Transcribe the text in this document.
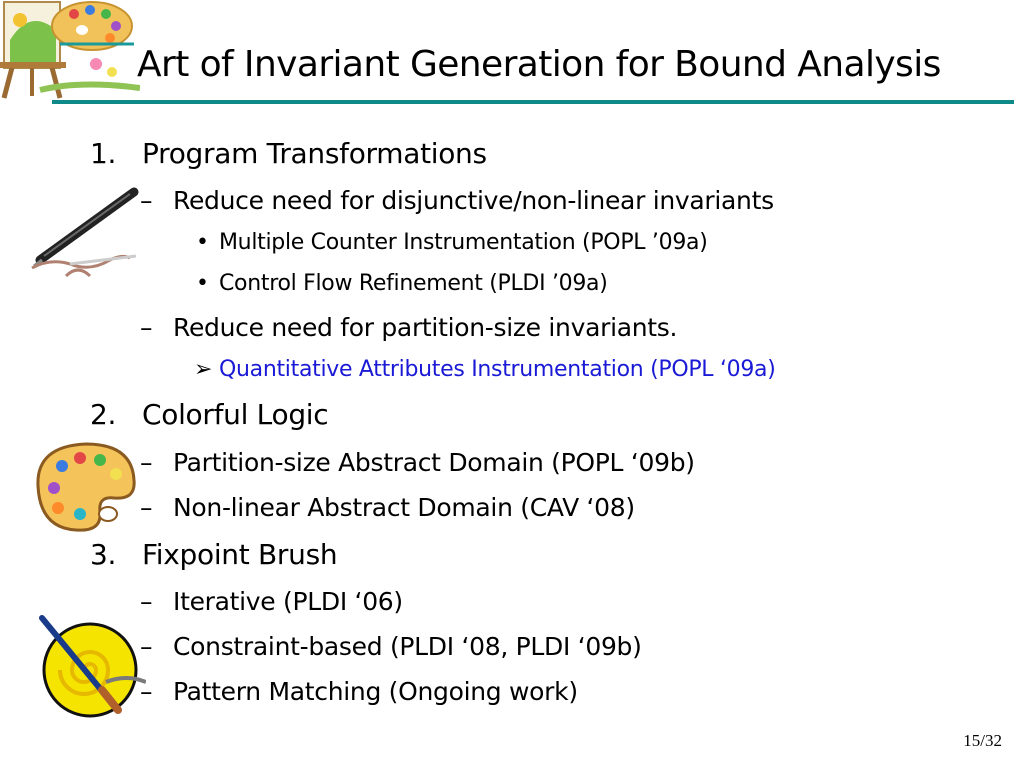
Art of Invariant Generation for Bound Analysis
1. Program Transformations
– Reduce need for disjunctive/non-linear invariants
• Multiple Counter Instrumentation (POPL ’09a)
• Control Flow Refinement (PLDI ’09a)
– Reduce need for partition-size invariants.
➢ Quantitative Attributes Instrumentation (POPL ‘09a)
2. Colorful Logic
– Partition-size Abstract Domain (POPL ‘09b)
– Non-linear Abstract Domain (CAV ‘08)
3. Fixpoint Brush
– Iterative (PLDI ‘06)
– Constraint-based (PLDI ‘08, PLDI ‘09b)
– Pattern Matching (Ongoing work)
15/32
